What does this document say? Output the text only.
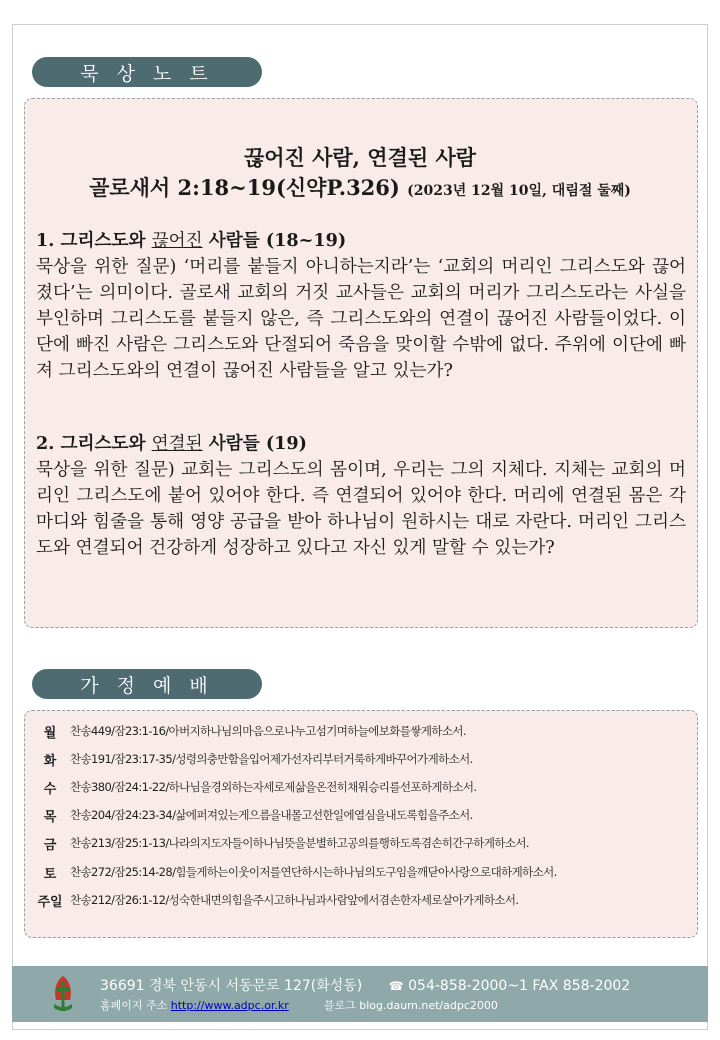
묵 상 노 트
끊어진 사람, 연결된 사람
골로새서 2:18~19(신약P.326) (2023년 12월 10일, 대림절 둘째)
1. 그리스도와 끊어진 사람들 (18~19)
묵상을 위한 질문) ‘머리를 붙들지 아니하는지라’는 ‘교회의 머리인 그리스도와 끊어졌다’는 의미이다. 골로새 교회의 거짓 교사들은 교회의 머리가 그리스도라는 사실을 부인하며 그리스도를 붙들지 않은, 즉 그리스도와의 연결이 끊어진 사람들이었다. 이단에 빠진 사람은 그리스도와 단절되어 죽음을 맞이할 수밖에 없다. 주위에 이단에 빠져 그리스도와의 연결이 끊어진 사람들을 알고 있는가?
2. 그리스도와 연결된 사람들 (19)
묵상을 위한 질문) 교회는 그리스도의 몸이며, 우리는 그의 지체다. 지체는 교회의 머리인 그리스도에 붙어 있어야 한다. 즉 연결되어 있어야 한다. 머리에 연결된 몸은 각 마디와 힘줄을 통해 영양 공급을 받아 하나님이 원하시는 대로 자란다. 머리인 그리스도와 연결되어 건강하게 성장하고 있다고 자신 있게 말할 수 있는가?
가 정 예 배
월	찬송449/잠23:1-16/아버지하나님의마음으로나누고섬기며하늘에보화를쌓게하소서.
화	찬송191/잠23:17-35/성령의충만함을입어제가선자리부터거룩하게바꾸어가게하소서.
수	찬송380/잠24:1-22/하나님을경외하는자세로제삶을온전히채워승리를선포하게하소서.
목	찬송204/잠24:23-34/삶에퍼져있는게으름을내몰고선한일에열심을내도록힘을주소서.
금	찬송213/잠25:1-13/나라의지도자들이하나님뜻을분별하고공의를행하도록겸손히간구하게하소서.
토	찬송272/잠25:14-28/힘들게하는이웃이저를연단하시는하나님의도구임을깨닫아사랑으로대하게하소서.
주일 찬송212/잠26:1-12/성숙한내면의힘을주시고하나님과사람앞에서겸손한자세로살아가게하소서.
36691 경북 안동시 서동문로 127(화성동) ☎ 054-858-2000~1 FAX 858-2002
홈페이지 주소 http://www.adpc.or.kr	블로그 blog.daum.net/adpc2000
